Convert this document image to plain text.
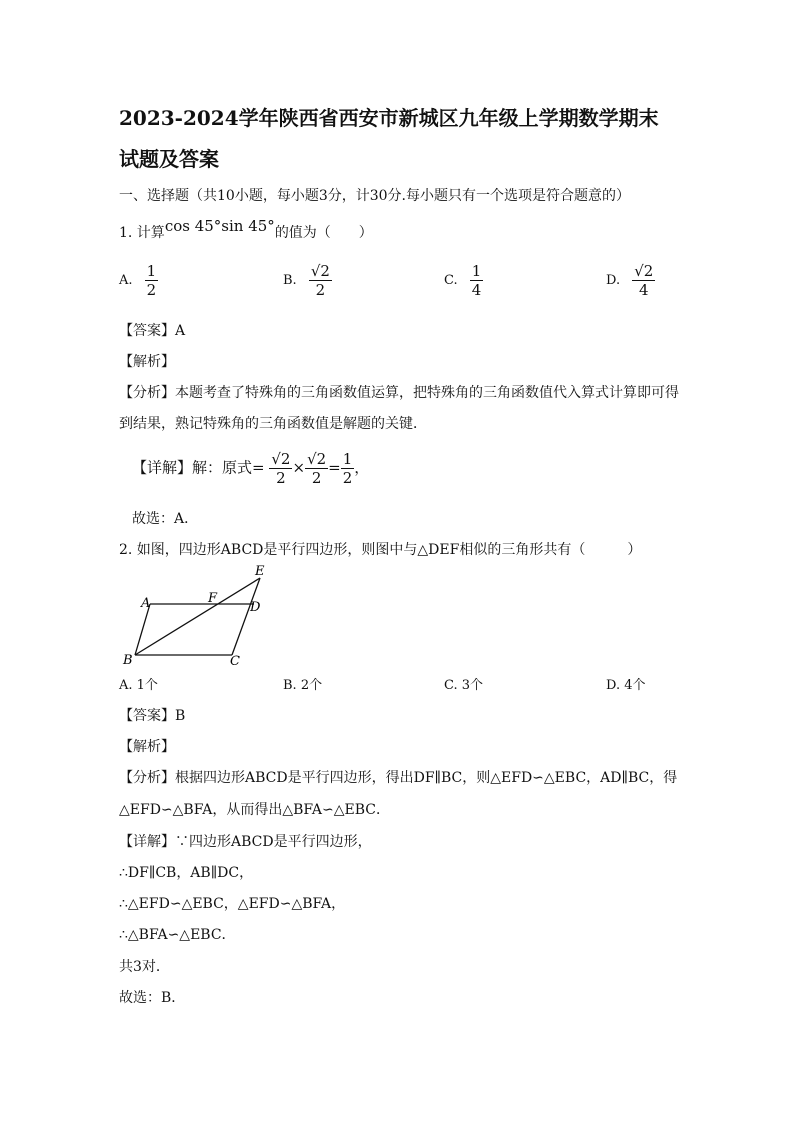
2023-2024学年陕西省西安市新城区九年级上学期数学期末
试题及答案
一、选择题（共10小题，每小题3分，计30分.每小题只有一个选项是符合题意的）
1. 计算cos 45°sin 45°的值为（　　）
A. $\frac{1}{2}$	B. $\frac{√2}{2}$	C. $\frac{1}{4}$	D. $\frac{√2}{4}$
【答案】A
【解析】
【分析】本题考查了特殊角的三角函数值运算，把特殊角的三角函数值代入算式计算即可得
到结果，熟记特殊角的三角函数值是解题的关键．
【详解】解：原式= $\frac{√2}{2} \times \frac{√2}{2} = \frac{1}{2}$ ，
故选：A．
2. 如图，四边形ABCD是平行四边形，则图中与△DEF相似的三角形共有（　　　）
A
B	C
D
E
F
A. 1个	B. 2个	C. 3个	D. 4个
【答案】B
【解析】
【分析】根据四边形ABCD是平行四边形，得出DF∥BC，则△EFD∽△EBC，AD∥BC，得
△EFD∽△BFA，从而得出△BFA∽△EBC．
【详解】∵四边形ABCD是平行四边形，
∴DF∥CB，AB∥DC，
∴△EFD∽△EBC，△EFD∽△BFA，
∴△BFA∽△EBC．
共3对．
故选：B．
